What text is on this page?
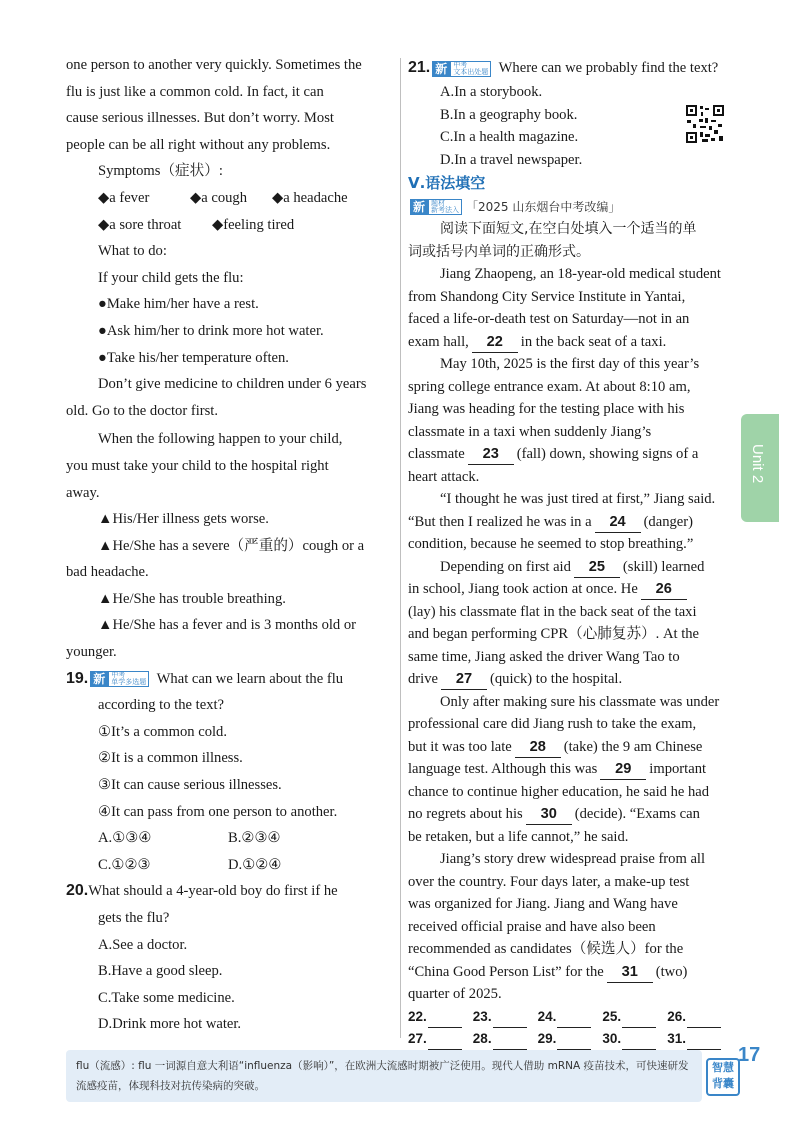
one person to another very quickly. Sometimes the

flu is just like a common cold. In fact, it can

cause serious illnesses. But don’t worry. Most

people can be all right without any problems.

Symptoms（症状）:

◆a fever	◆a cough	◆a headache
◆a sore throat	◆feeling tired

What to do:

If your child gets the flu:

●Make him/her have a rest.

●Ask him/her to drink more hot water.

●Take his/her temperature often.

Don’t give medicine to children under 6 years

old. Go to the doctor first.

When the following happen to your child,

you must take your child to the hospital right

away.

▲His/Her illness gets worse.

▲He/She has a severe（严重的）cough or a

bad headache.

▲He/She has trouble breathing.

▲He/She has a fever and is 3 months old or

younger.

19. 新 中考
单学多选题 What can we learn about the flu

according to the text?

①It’s a common cold.

②It is a common illness.

③It can cause serious illnesses.

④It can pass from one person to another.

A.①③④	B.②③④
C.①②③	D.①②④

20.What should a 4-year-old boy do first if he

gets the flu?

A.See a doctor.

B.Have a good sleep.

C.Take some medicine.

D.Drink more hot water.

21. 新 中考
文本出处题 Where can we probably find the text?

A.In a storybook.

B.In a geography book.

C.In a health magazine.

D.In a travel newspaper.

Ⅴ.语法填空

新 题材
新考法入 「2025 山东烟台中考改编」

阅读下面短文,在空白处填入一个适当的单

词或括号内单词的正确形式。

Jiang Zhaopeng, an 18-year-old medical student

from Shandong City Service Institute in Yantai,

faced a life-or-death test on Saturday—not in an

exam hall, 22 in the back seat of a taxi.

May 10th, 2025 is the first day of this year’s

spring college entrance exam. At about 8:10 am,

Jiang was heading for the testing place with his

classmate in a taxi when suddenly Jiang’s

classmate 23 (fall) down, showing signs of a

heart attack.

“I thought he was just tired at first,” Jiang said.

“But then I realized he was in a 24 (danger)

condition, because he seemed to stop breathing.”

Depending on first aid 25 (skill) learned

in school, Jiang took action at once. He 26

(lay) his classmate flat in the back seat of the taxi

and began performing CPR（心肺复苏）. At the

same time, Jiang asked the driver Wang Tao to

drive 27 (quick) to the hospital.

Only after making sure his classmate was under

professional care did Jiang rush to take the exam,

but it was too late 28 (take) the 9 am Chinese

language test. Although this was 29 important

chance to continue higher education, he said he had

no regrets about his 30 (decide). “Exams can

be retaken, but a life cannot,” he said.

Jiang’s story drew widespread praise from all

over the country. Four days later, a make-up test

was organized for Jiang. Jiang and Wang have

received official praise and have also been

recommended as candidates（候选人）for the

“China Good Person List” for the 31 (two)

quarter of 2025.

22.	23.	24.	25.	26.
27.	28.	29.	30.	31.
Unit 2

flu（流感）: flu 一词源自意大利语“influenza（影响）”，在欧洲大流感时期被广泛使用。现代人借助 mRNA 疫苗技术，可快速研发流感疫苗，体现科技对抗传染病的突破。

智慧
背囊
17
